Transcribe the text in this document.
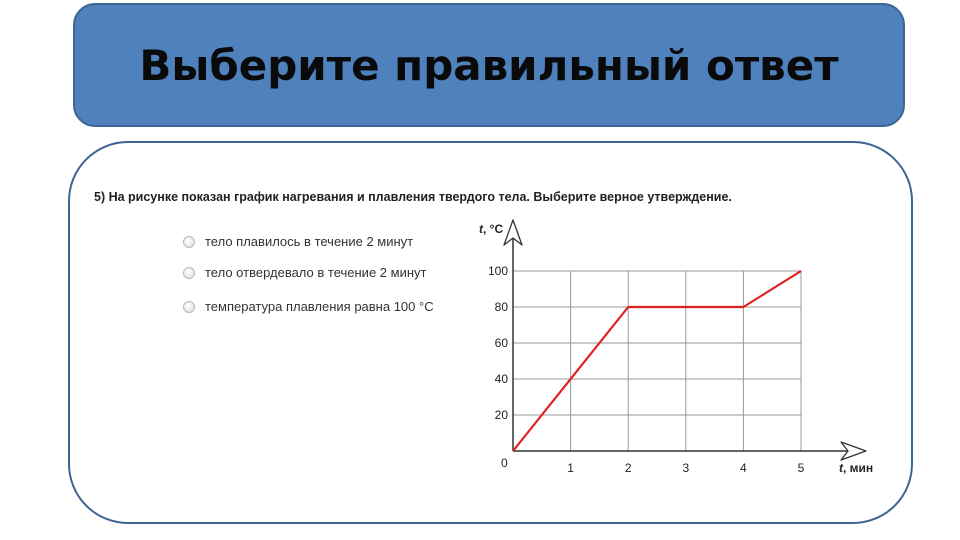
Выберите правильный ответ
5) На рисунке показан график нагревания и плавления твердого тела. Выберите верное утверждение.
тело плавилось в течение 2 минут
тело отвердевало в течение 2 минут
температура плавления равна 100 °С
1	2	3	4	5
20
40
60
80
100
t, °С
t, мин
0
